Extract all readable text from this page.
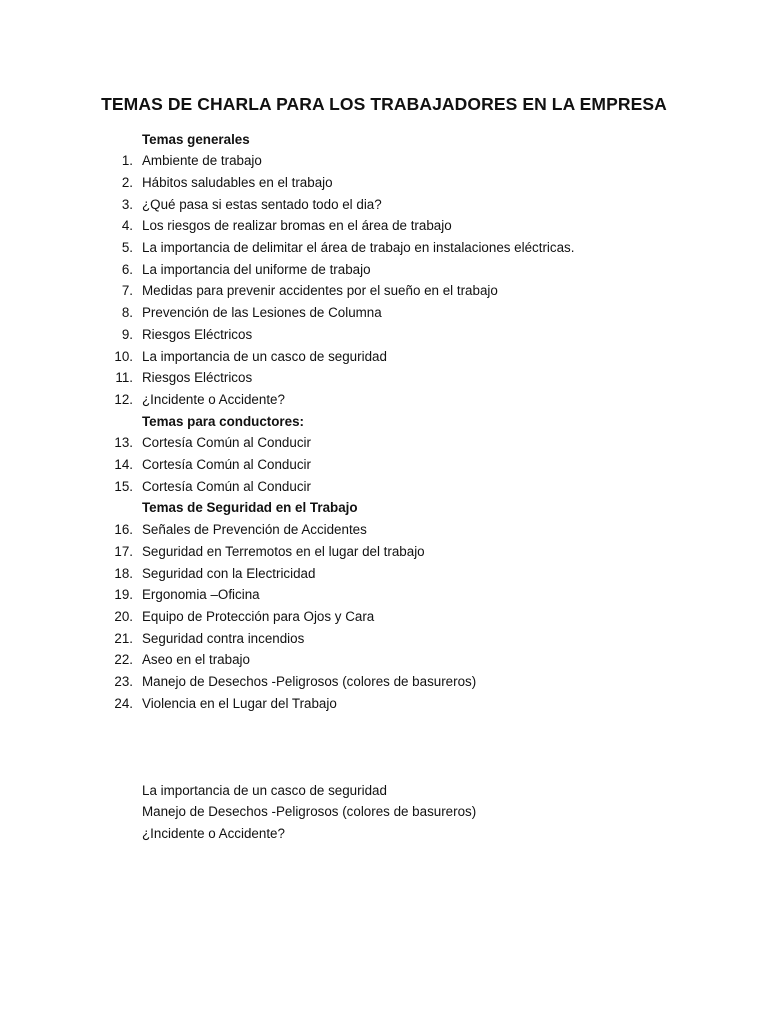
TEMAS DE CHARLA PARA LOS TRABAJADORES EN LA EMPRESA
Temas generales
1. Ambiente de trabajo
2. Hábitos saludables en el trabajo
3. ¿Qué pasa si estas sentado todo el dia?
4. Los riesgos de realizar bromas en el área de trabajo
5. La importancia de delimitar el área de trabajo en instalaciones eléctricas.
6. La importancia del uniforme de trabajo
7. Medidas para prevenir accidentes por el sueño en el trabajo
8. Prevención de las Lesiones de Columna
9. Riesgos Eléctricos
10. La importancia de un casco de seguridad
11. Riesgos Eléctricos
12. ¿Incidente o Accidente?
Temas para conductores:
13. Cortesía Común al Conducir
14. Cortesía Común al Conducir
15. Cortesía Común al Conducir
Temas de Seguridad en el Trabajo
16. Señales de Prevención de Accidentes
17. Seguridad en Terremotos en el lugar del trabajo
18. Seguridad con la Electricidad
19. Ergonomia –Oficina
20. Equipo de Protección para Ojos y Cara
21. Seguridad contra incendios
22. Aseo en el trabajo
23. Manejo de Desechos -Peligrosos (colores de basureros)
24. Violencia en el Lugar del Trabajo
La importancia de un casco de seguridad
Manejo de Desechos -Peligrosos (colores de basureros)
¿Incidente o Accidente?
